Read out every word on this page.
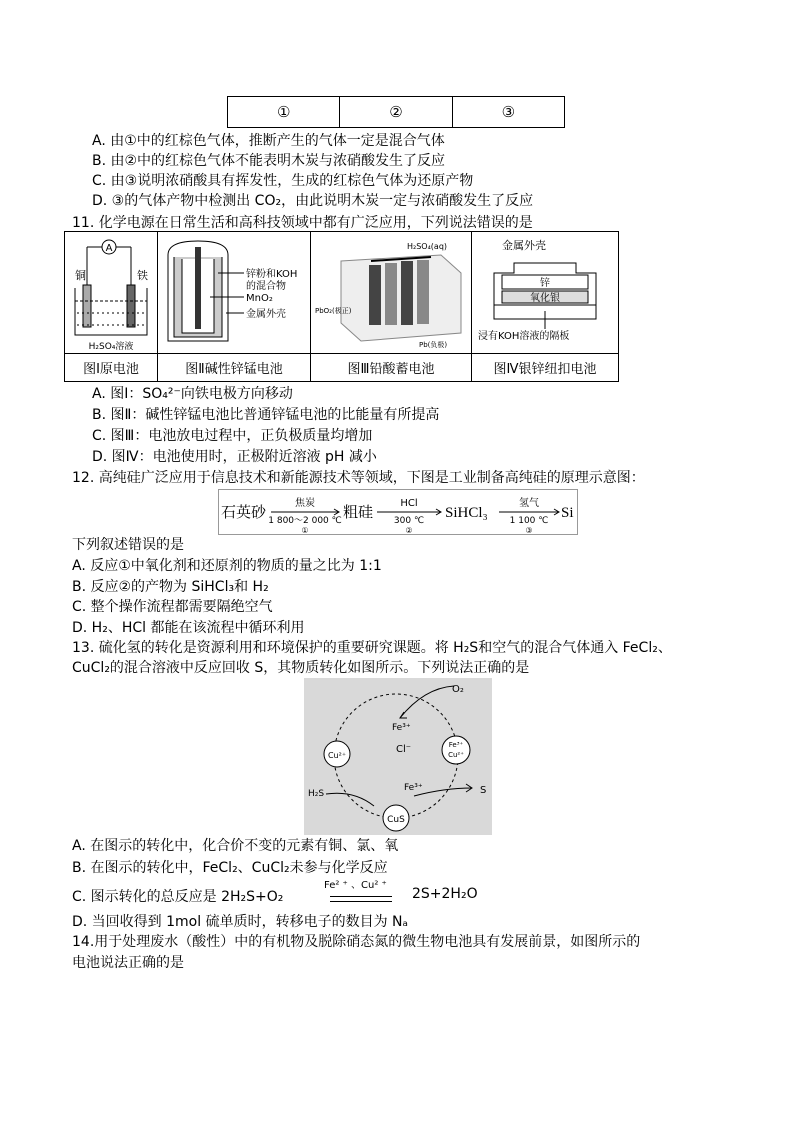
①	②	③
A. 由①中的红棕色气体，推断产生的气体一定是混合气体
B. 由②中的红棕色气体不能表明木炭与浓硝酸发生了反应
C. 由③说明浓硝酸具有挥发性，生成的红棕色气体为还原产物
D. ③的气体产物中检测出 CO₂，由此说明木炭一定与浓硝酸发生了反应
11. 化学电源在日常生活和高科技领域中都有广泛应用，下列说法错误的是
A
铜 铁
H₂SO₄溶液	锌粉和KOH
的混合物
MnO₂
金属外壳	H₂SO₄(aq)
PbO₂(极正)
Pb(负极)	金属外壳
锌
氧化银
浸有KOH溶液的隔板

图Ⅰ原电池	图Ⅱ碱性锌锰电池	图Ⅲ铅酸蓄电池	图Ⅳ银锌纽扣电池
A. 图Ⅰ：SO₄²⁻向铁电极方向移动
B. 图Ⅱ：碱性锌锰电池比普通锌锰电池的比能量有所提高
C. 图Ⅲ：电池放电过程中，正负极质量均增加
D. 图Ⅳ：电池使用时，正极附近溶液 pH 减小
12. 高纯硅广泛应用于信息技术和新能源技术等领域，下图是工业制备高纯硅的原理示意图：
石英砂
焦炭
1 800～2 000 ℃
①
粗硅
HCl
300 ℃
②
SiHCl₃
氢气
1 100 ℃
③
Si
下列叙述错误的是
A. 反应①中氧化剂和还原剂的物质的量之比为 1:1
B. 反应②的产物为 SiHCl₃和 H₂
C. 整个操作流程都需要隔绝空气
D. H₂、HCl 都能在该流程中循环利用
13. 硫化氢的转化是资源利用和环境保护的重要研究课题。将 H₂S和空气的混合气体通入 FeCl₂、
CuCl₂的混合溶液中反应回收 S，其物质转化如图所示。下列说法正确的是
O₂
Fe³⁺
Cl⁻
Cu²⁺
Fe³⁺
Cu²⁺
Fe³⁺	S
H₂S
CuS
A. 在图示的转化中，化合价不变的元素有铜、氯、氧
B. 在图示的转化中，FeCl₂、CuCl₂未参与化学反应
C. 图示转化的总反应是 2H₂S+O₂
Fe² ⁺ 、Cu² ⁺
2S+2H₂O
D. 当回收得到 1mol 硫单质时，转移电子的数目为 Nₐ
14.用于处理废水（酸性）中的有机物及脱除硝态氮的微生物电池具有发展前景，如图所示的
电池说法正确的是
